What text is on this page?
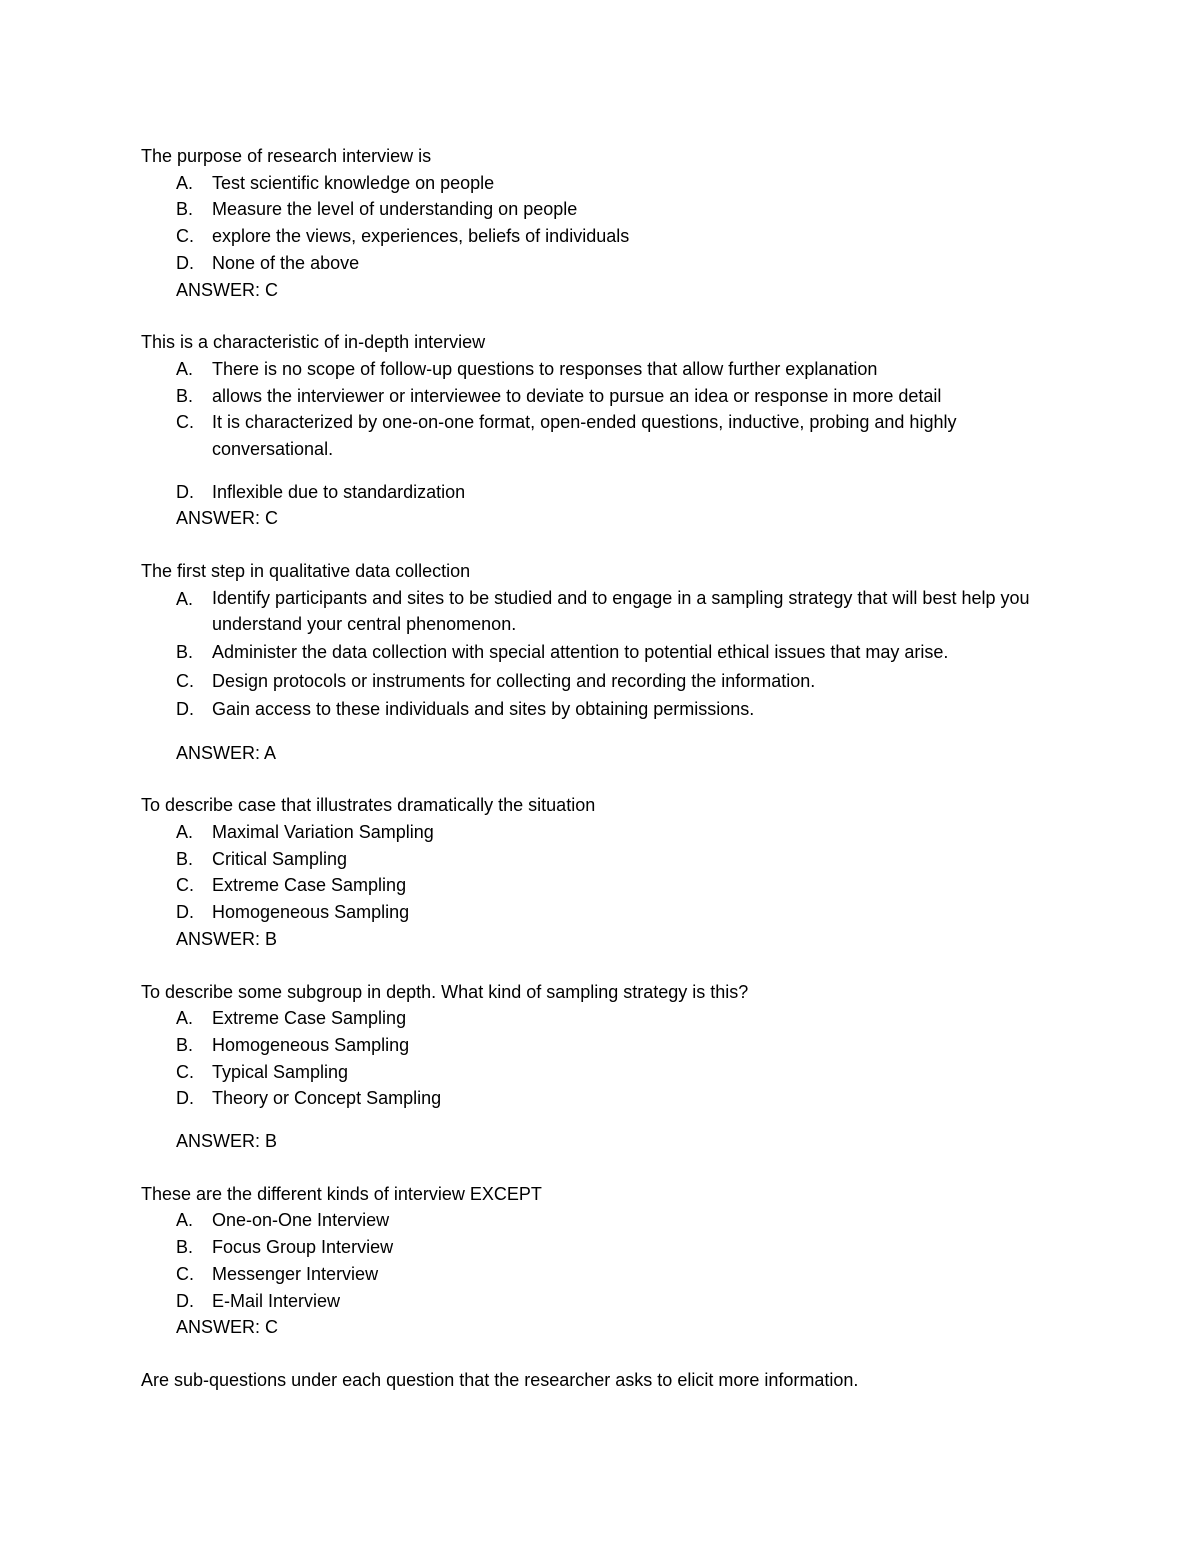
The purpose of research interview is

A. Test scientific knowledge on people
B. Measure the level of understanding on people
C. explore the views, experiences, beliefs of individuals
D. None of the above

ANSWER: C

This is a characteristic of in-depth interview

A. There is no scope of follow-up questions to responses that allow further explanation
B. allows the interviewer or interviewee to deviate to pursue an idea or response in more detail
C. It is characterized by one-on-one format, open-ended questions, inductive, probing and highly conversational.
D. Inflexible due to standardization

ANSWER: C

The first step in qualitative data collection

A. Identify participants and sites to be studied and to engage in a sampling strategy that will best help you understand your central phenomenon.
B. Administer the data collection with special attention to potential ethical issues that may arise.
C. Design protocols or instruments for collecting and recording the information.
D. Gain access to these individuals and sites by obtaining permissions.

ANSWER: A

To describe case that illustrates dramatically the situation

A. Maximal Variation Sampling
B. Critical Sampling
C. Extreme Case Sampling
D. Homogeneous Sampling

ANSWER: B

To describe some subgroup in depth. What kind of sampling strategy is this?

A. Extreme Case Sampling
B. Homogeneous Sampling
C. Typical Sampling
D. Theory or Concept Sampling

ANSWER: B

These are the different kinds of interview EXCEPT

A. One-on-One Interview
B. Focus Group Interview
C. Messenger Interview
D. E-Mail Interview

ANSWER: C

Are sub-questions under each question that the researcher asks to elicit more information.
